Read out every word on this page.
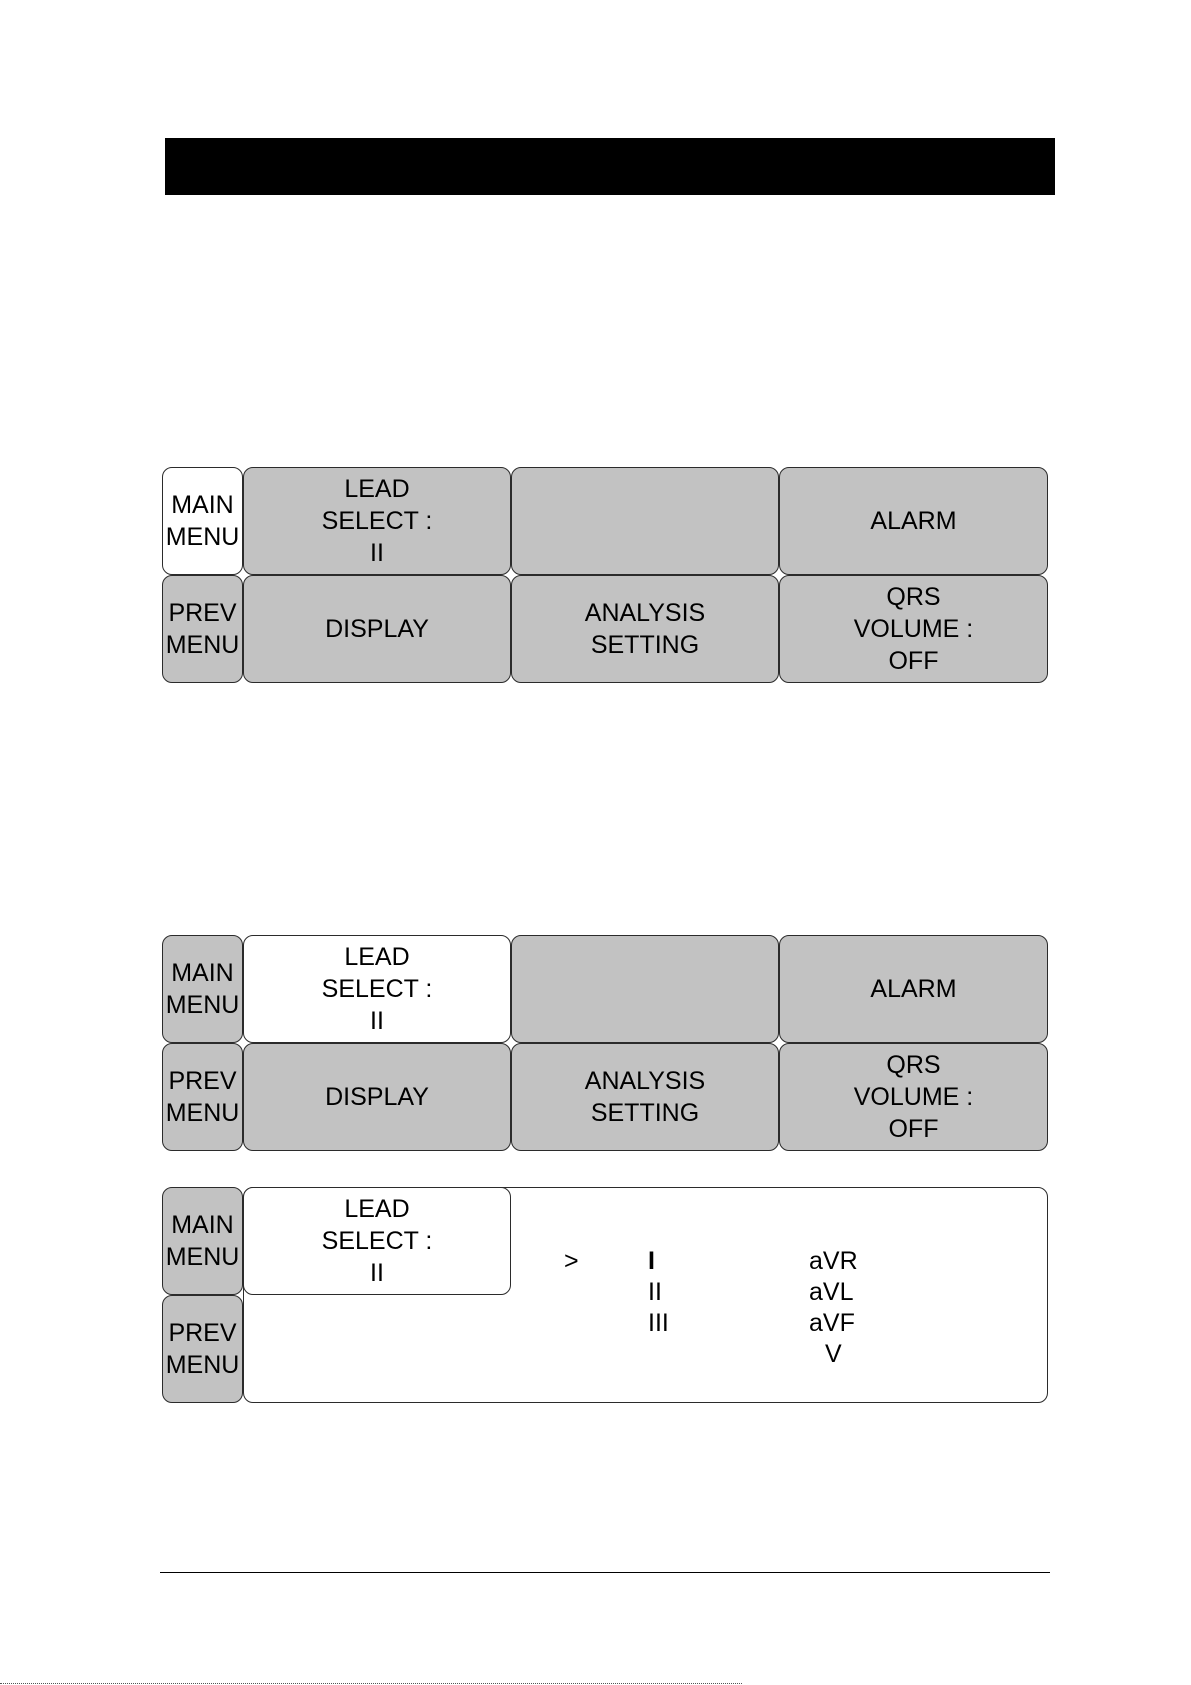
MAIN
MENU
LEAD
SELECT :
II
ALARM
PREV
MENU
DISPLAY
ANALYSIS
SETTING
QRS
VOLUME :
OFF
MAIN
MENU
LEAD
SELECT :
II
ALARM
PREV
MENU
DISPLAY
ANALYSIS
SETTING
QRS
VOLUME :
OFF
MAIN
MENU
PREV
MENU
LEAD
SELECT :
II	>	I
II
III
aVR
aVL
aVF
V
